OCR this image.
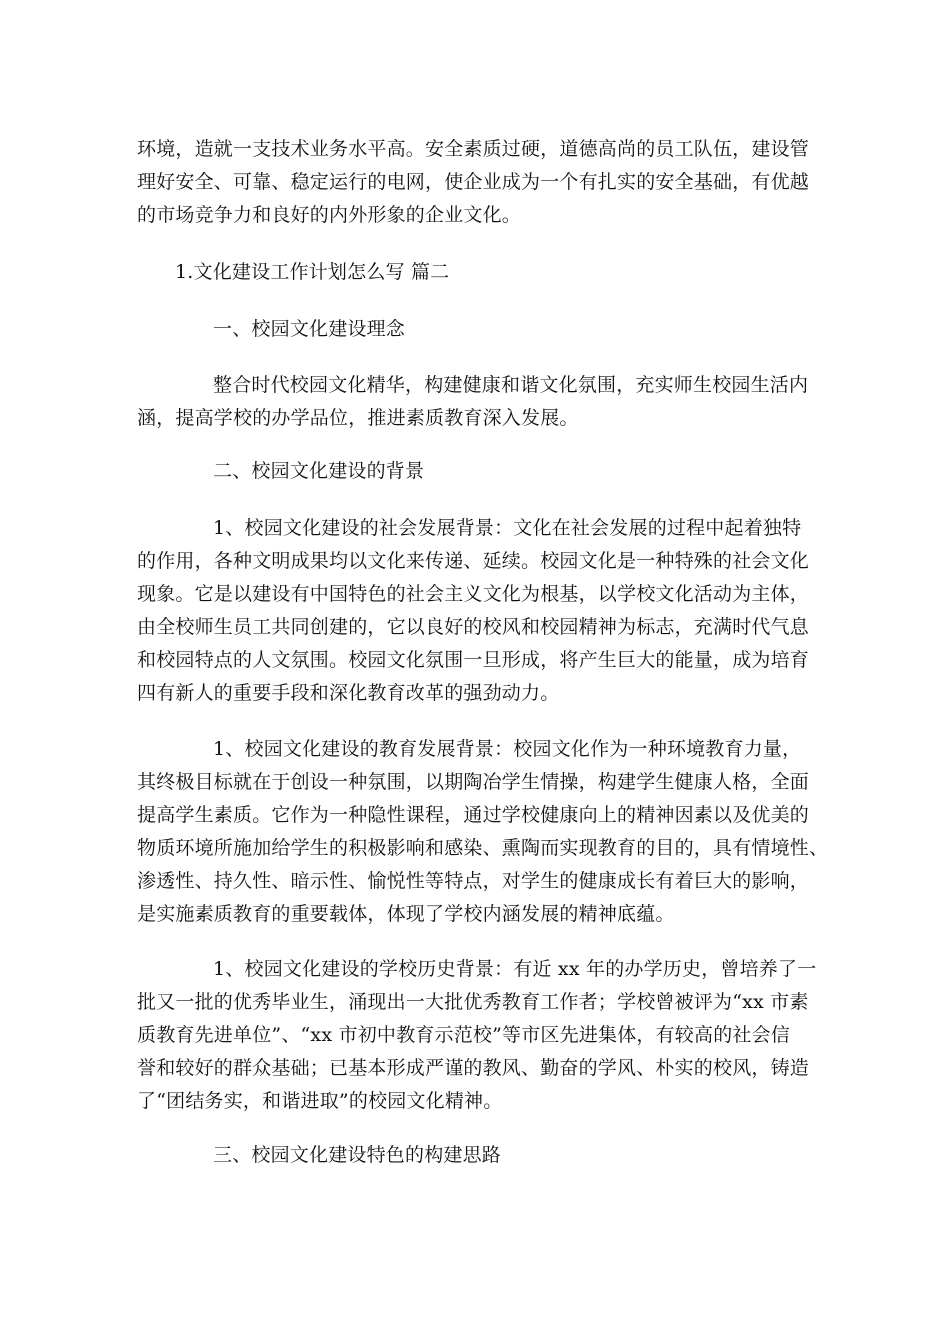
环境，造就一支技术业务水平高。安全素质过硬，道德高尚的员工队伍，建设管
理好安全、可靠、稳定运行的电网，使企业成为一个有扎实的安全基础，有优越
的市场竞争力和良好的内外形象的企业文化。

1.文化建设工作计划怎么写 篇二

一、校园文化建设理念

整合时代校园文化精华，构建健康和谐文化氛围，充实师生校园生活内
涵，提高学校的办学品位，推进素质教育深入发展。

二、校园文化建设的背景

1、校园文化建设的社会发展背景：文化在社会发展的过程中起着独特
的作用，各种文明成果均以文化来传递、延续。校园文化是一种特殊的社会文化
现象。它是以建设有中国特色的社会主义文化为根基，以学校文化活动为主体，
由全校师生员工共同创建的，它以良好的校风和校园精神为标志，充满时代气息
和校园特点的人文氛围。校园文化氛围一旦形成，将产生巨大的能量，成为培育
四有新人的重要手段和深化教育改革的强劲动力。

1、校园文化建设的教育发展背景：校园文化作为一种环境教育力量，
其终极目标就在于创设一种氛围，以期陶冶学生情操，构建学生健康人格，全面
提高学生素质。它作为一种隐性课程，通过学校健康向上的精神因素以及优美的
物质环境所施加给学生的积极影响和感染、熏陶而实现教育的目的，具有情境性、
渗透性、持久性、暗示性、愉悦性等特点，对学生的健康成长有着巨大的影响，
是实施素质教育的重要载体，体现了学校内涵发展的精神底蕴。

1、校园文化建设的学校历史背景：有近 xx 年的办学历史，曾培养了一
批又一批的优秀毕业生，涌现出一大批优秀教育工作者；学校曾被评为“xx 市素
质教育先进单位”、“xx 市初中教育示范校”等市区先进集体，有较高的社会信
誉和较好的群众基础；已基本形成严谨的教风、勤奋的学风、朴实的校风，铸造
了“团结务实，和谐进取”的校园文化精神。

三、校园文化建设特色的构建思路
